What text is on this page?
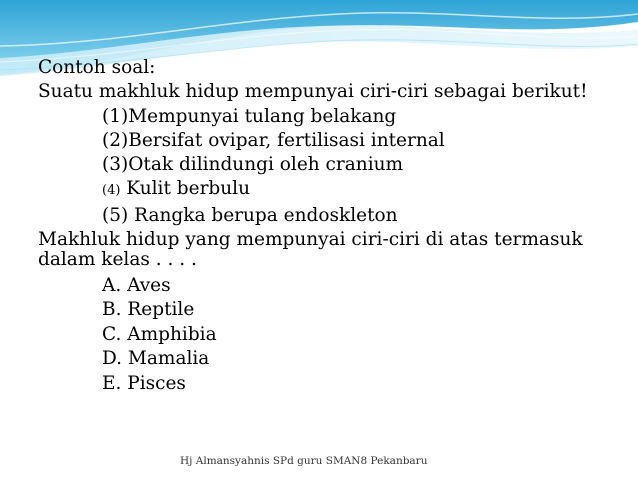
Contoh soal:
Suatu makhluk hidup mempunyai ciri-ciri sebagai berikut!
(1)Mempunyai tulang belakang
(2)Bersifat ovipar, fertilisasi internal
(3)Otak dilindungi oleh cranium
(4) Kulit berbulu
(5) Rangka berupa endoskleton
Makhluk hidup yang mempunyai ciri-ciri di atas termasuk dalam kelas . . . .
A. Aves
B. Reptile
C. Amphibia
D. Mamalia
E. Pisces
Hj Almansyahnis SPd guru SMAN8 Pekanbaru
